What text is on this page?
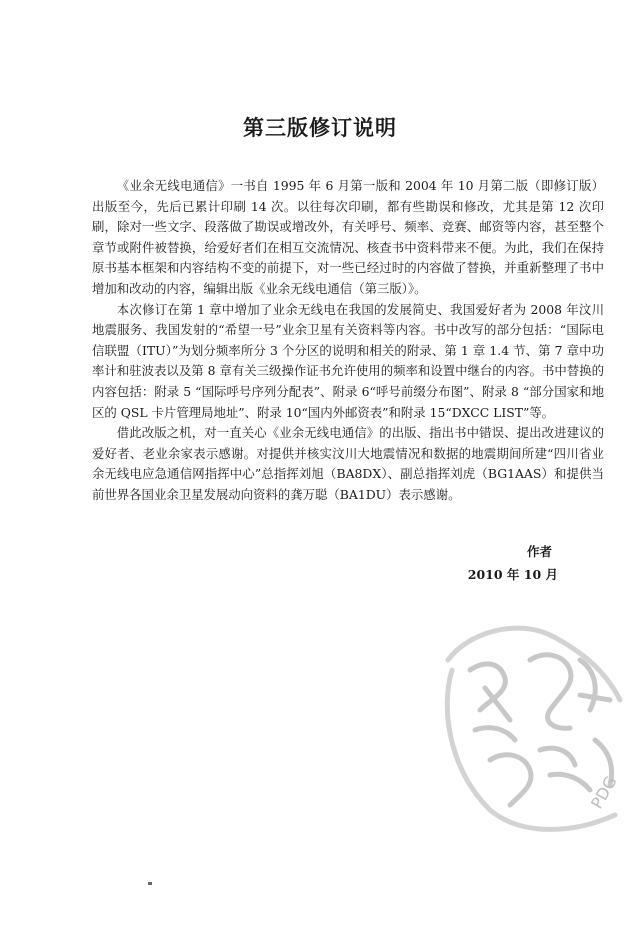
第三版修订说明

《业余无线电通信》一书自 1995 年 6 月第一版和 2004 年 10 月第二版（即修订版）出版至今，先后已累计印刷 14 次。以往每次印刷，都有些勘误和修改，尤其是第 12 次印刷，除对一些文字、段落做了勘误或增改外，有关呼号、频率、竞赛、邮资等内容，甚至整个章节或附件被替换，给爱好者们在相互交流情况、核查书中资料带来不便。为此，我们在保持原书基本框架和内容结构不变的前提下，对一些已经过时的内容做了替换，并重新整理了书中增加和改动的内容，编辑出版《业余无线电通信（第三版）》。

本次修订在第 1 章中增加了业余无线电在我国的发展简史、我国爱好者为 2008 年汶川地震服务、我国发射的“希望一号”业余卫星有关资料等内容。书中改写的部分包括：“国际电信联盟（ITU）”为划分频率所分 3 个分区的说明和相关的附录、第 1 章 1.4 节、第 7 章中功率计和驻波表以及第 8 章有关三级操作证书允许使用的频率和设置中继台的内容。书中替换的内容包括：附录 5 “国际呼号序列分配表”、附录 6“呼号前缀分布图”、附录 8 “部分国家和地区的 QSL 卡片管理局地址”、附录 10“国内外邮资表”和附录 15“DXCC LIST”等。

借此改版之机，对一直关心《业余无线电通信》的出版、指出书中错误、提出改进建议的爱好者、老业余家表示感谢。对提供并核实汶川大地震情况和数据的地震期间所建“四川省业余无线电应急通信网指挥中心”总指挥刘旭（BA8DX）、副总指挥刘虎（BG1AAS）和提供当前世界各国业余卫星发展动向资料的龚万聪（BA1DU）表示感谢。

作者
2010 年 10 月
PDG
